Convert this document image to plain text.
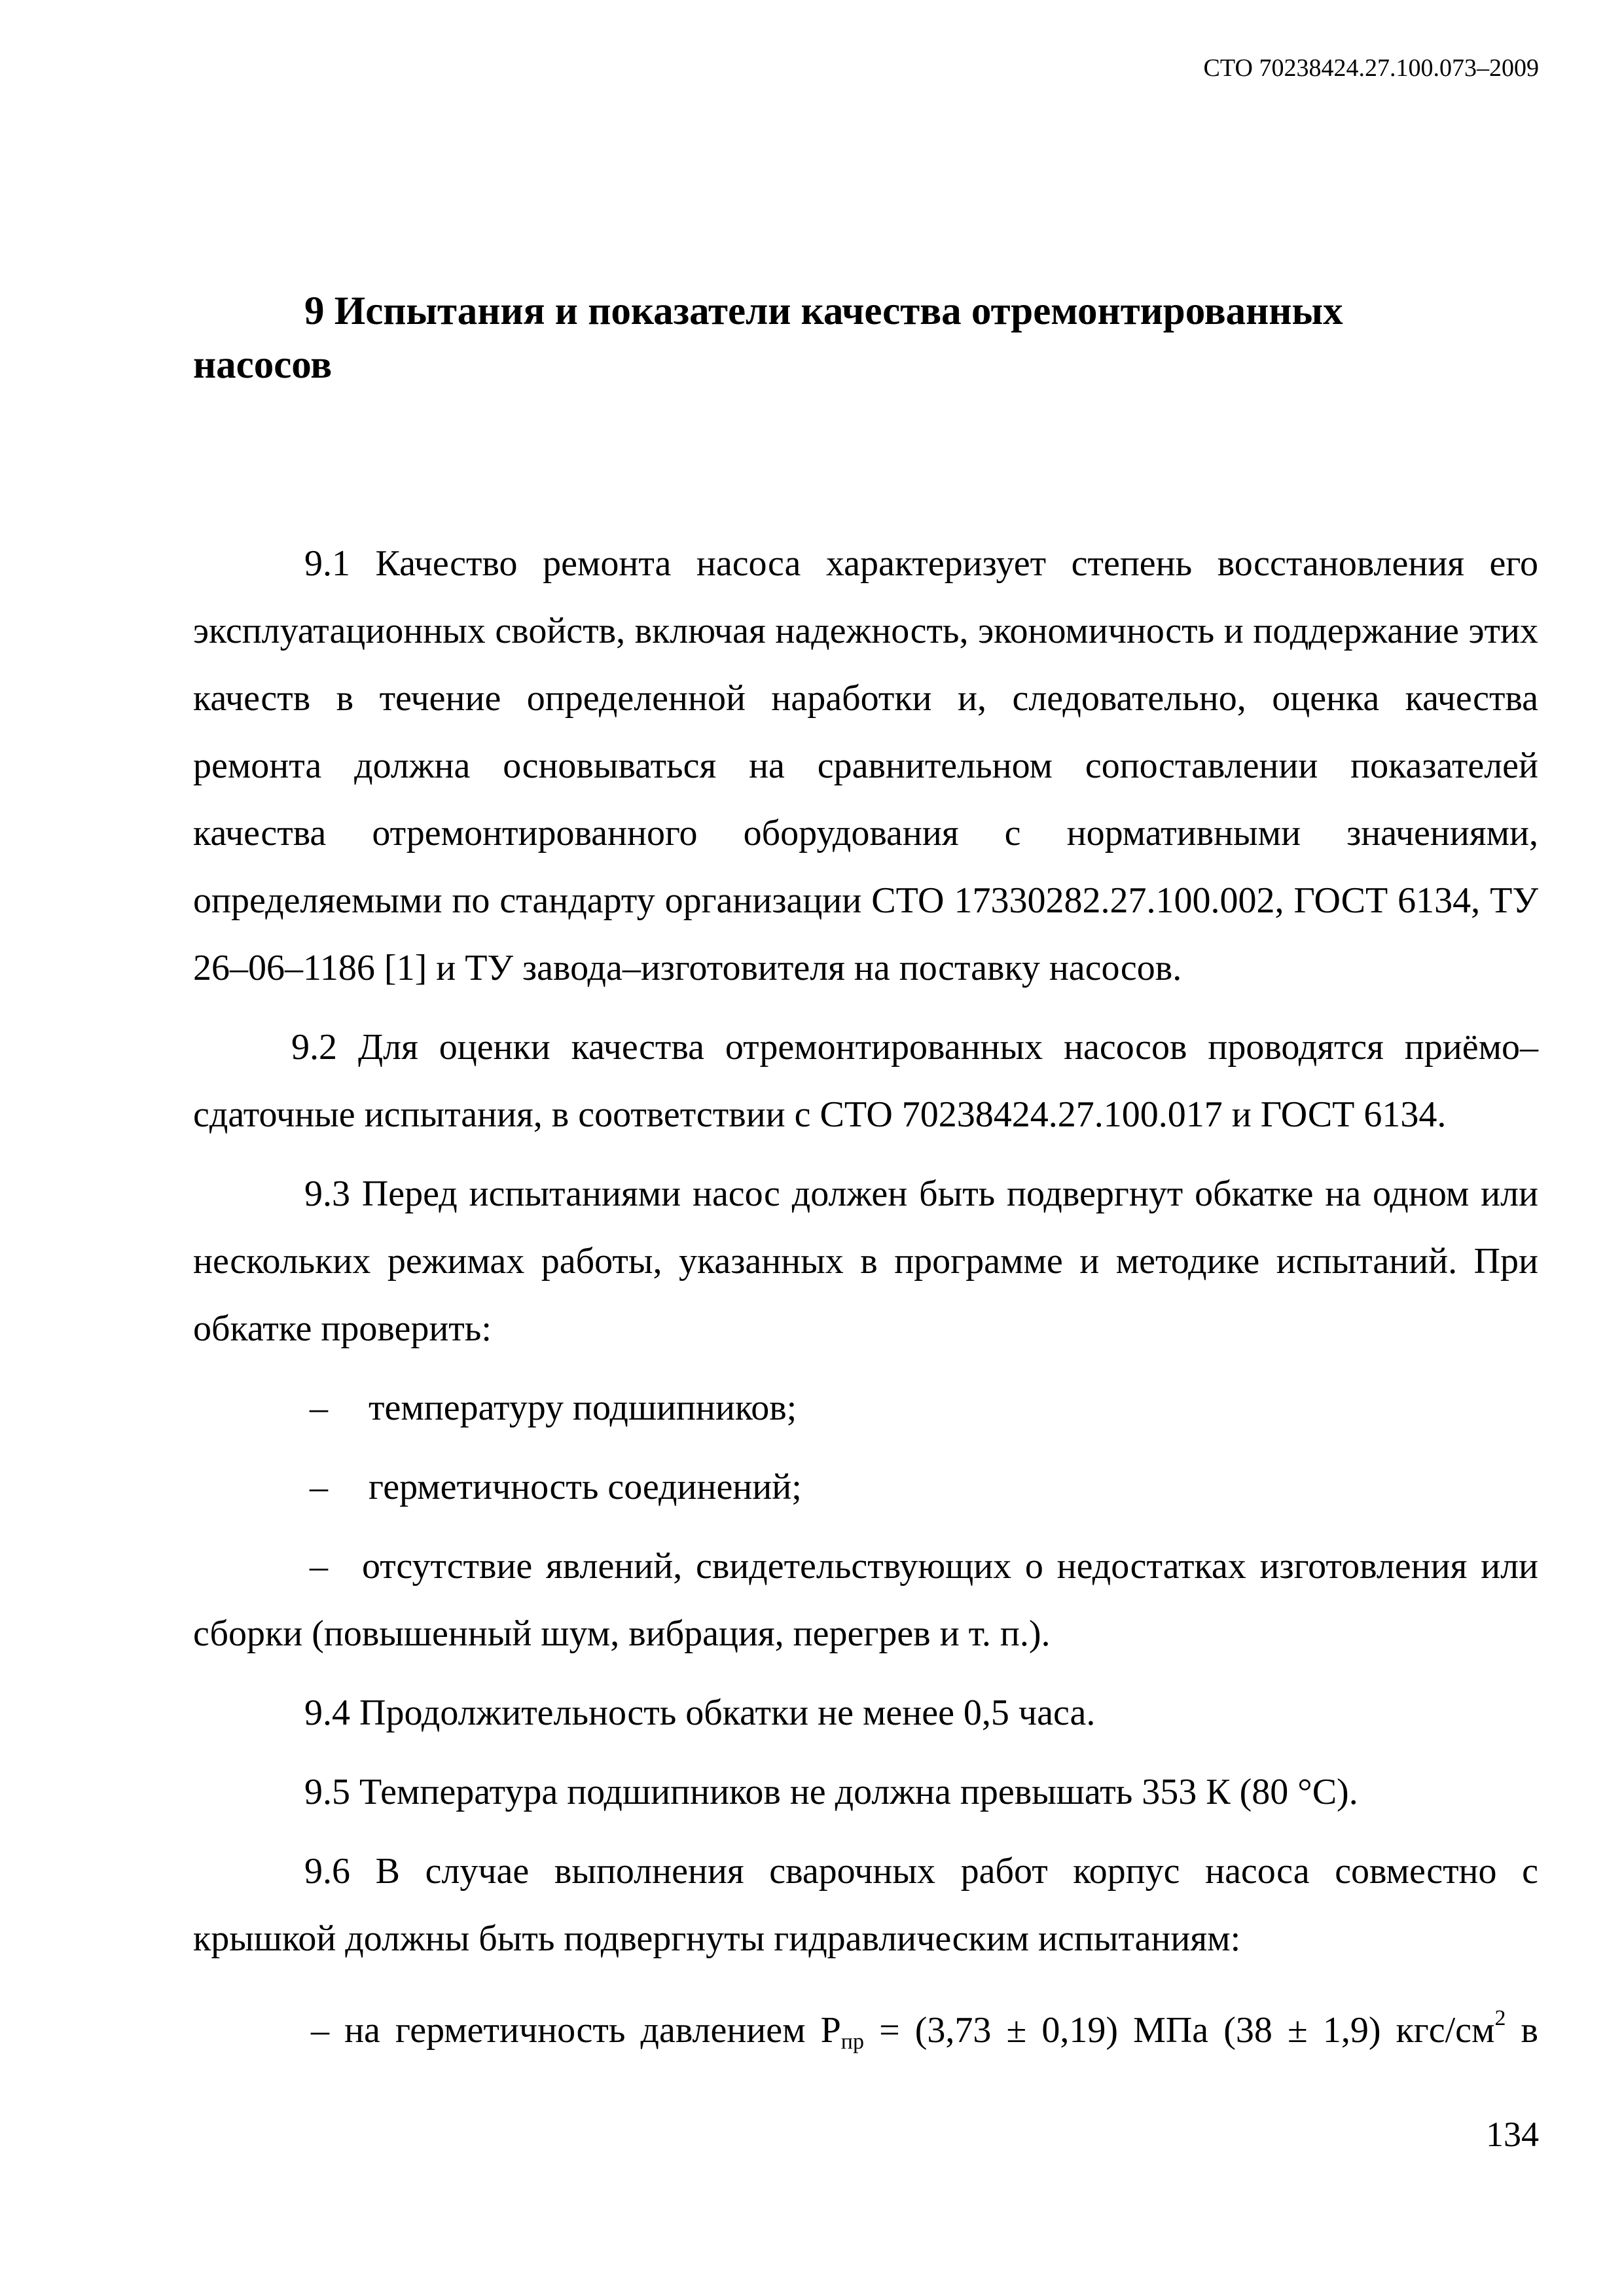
СТО 70238424.27.100.073–2009
9 Испытания и показатели качества отремонтированных
насосов

9.1 Качество ремонта насоса характеризует степень восстановления его эксплуатационных свойств, включая надежность, экономичность и поддержание этих качеств в течение определенной наработки и, следовательно, оценка качества ремонта должна основываться на сравнительном сопоставлении показателей качества отремонтированного оборудования с нормативными значениями, определяемыми по стандарту организации СТО 17330282.27.100.002, ГОСТ 6134, ТУ 26–06–1186 [1] и ТУ завода–изготовителя на поставку насосов.

9.2 Для оценки качества отремонтированных насосов проводятся приёмо–сдаточные испытания, в соответствии с СТО 70238424.27.100.017 и ГОСТ 6134.

9.3 Перед испытаниями насос должен быть подвергнут обкатке на одном или нескольких режимах работы, указанных в программе и методике испытаний. При обкатке проверить:

– температуру подшипников;

– герметичность соединений;

– отсутствие явлений, свидетельствующих о недостатках изготовления или сборки (повышенный шум, вибрация, перегрев и т. п.).

9.4 Продолжительность обкатки не менее 0,5 часа.

9.5 Температура подшипников не должна превышать 353 К (80 °С).

9.6 В случае выполнения сварочных работ корпус насоса совместно с крышкой должны быть подвергнуты гидравлическим испытаниям:

– на герметичность давлением $Р_{пр} = (3,73 \pm 0,19)$ МПа (38 ± 1,9) кгс/$см^2$ в

134
